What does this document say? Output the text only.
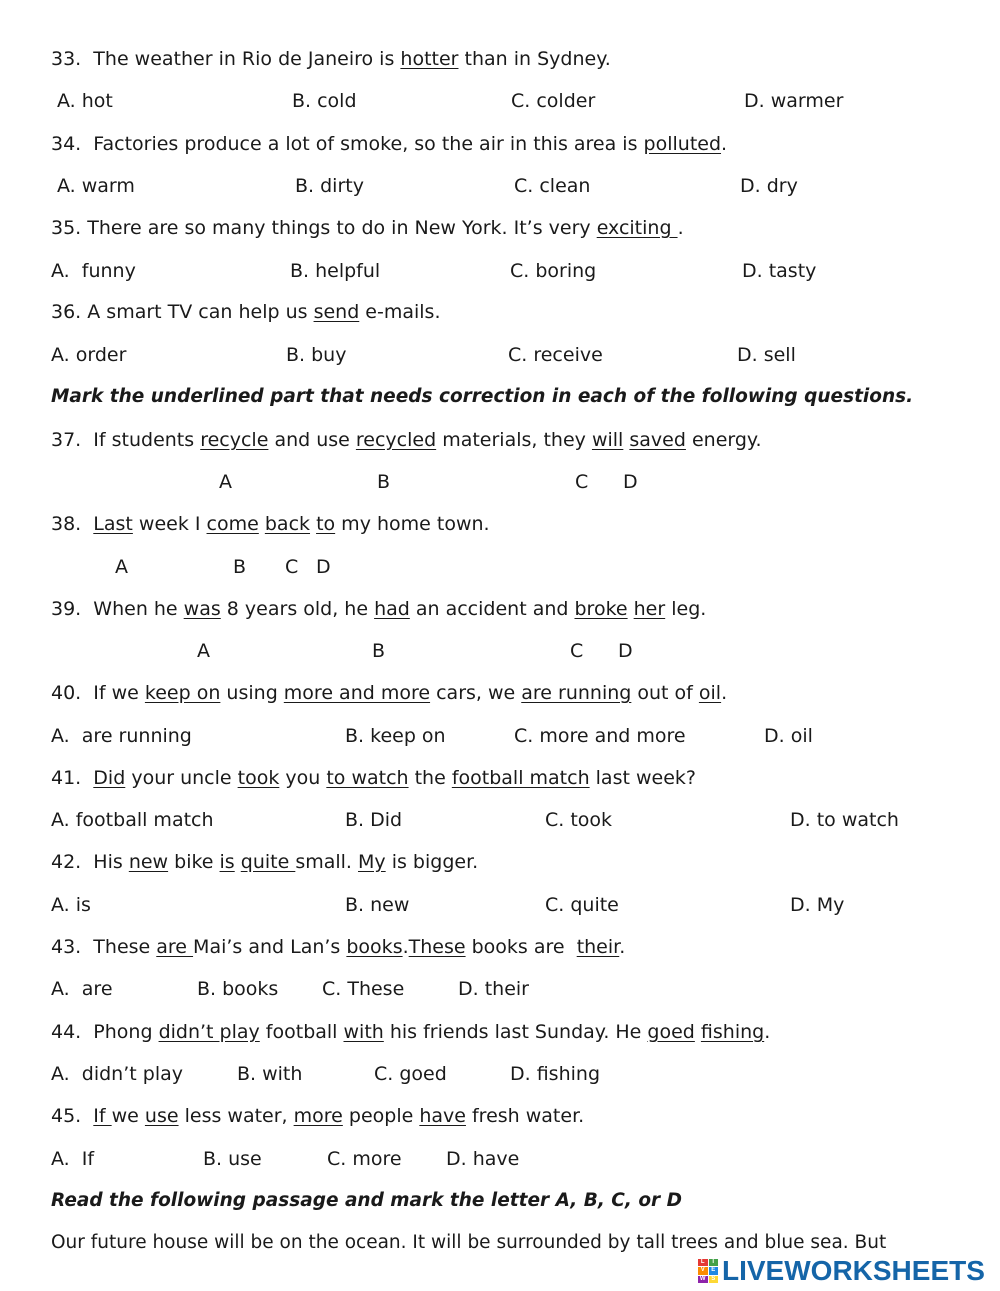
33.  The weather in Rio de Janeiro is hotter than in Sydney.
A. hot	B. cold	C. colder	D. warmer
34.  Factories produce a lot of smoke, so the air in this area is polluted.
A. warm	B. dirty	C. clean	D. dry
35. There are so many things to do in New York. It’s very exciting .
A.  funny	B. helpful	C. boring	D. tasty
36. A smart TV can help us send e-mails.
A. order	B. buy	C. receive	D. sell
Mark the underlined part that needs correction in each of the following questions.
37.  If students recycle and use recycled materials, they will saved energy.
A	B	C D
38.  Last week I come back to my home town.
A	B C D
39.  When he was 8 years old, he had an accident and broke her leg.
A	B	C D
40.  If we keep on using more and more cars, we are running out of oil.
A.  are running	B. keep on	C. more and more	D. oil
41.  Did your uncle took you to watch the football match last week?
A. football match	B. Did	C. took	D. to watch
42.  His new bike is quite small. My is bigger.
A. is	B. new	C. quite	D. My
43.  These are Mai’s and Lan’s books.These books are  their.
A.  are	B. books C. These	D. their
44.  Phong didn’t play football with his friends last Sunday. He goed fishing.
A.  didn’t play	B. with	C. goed	D. fishing
45.  If we use less water, more people have fresh water.
A.  If	B. use	C. more D. have
Read the following passage and mark the letter A, B, C, or D
Our future house will be on the ocean. It will be surrounded by tall trees and blue sea. But
L	I
V	E
W S LIVEWORKSHEETS
